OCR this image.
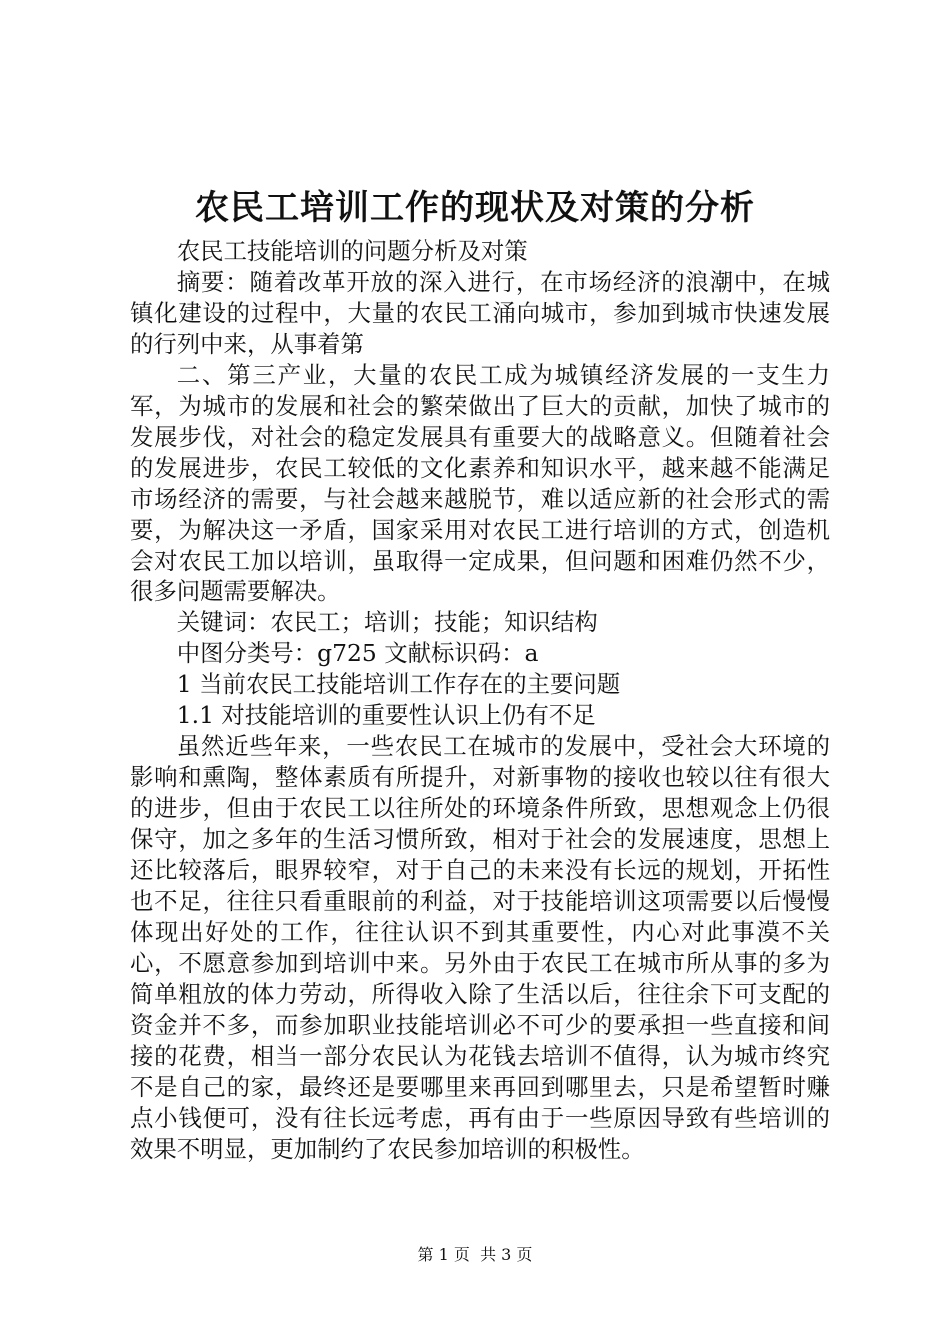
农民工培训工作的现状及对策的分析

农民工技能培训的问题分析及对策

摘要：随着改革开放的深入进行，在市场经济的浪潮中，在城镇化建设的过程中，大量的农民工涌向城市，参加到城市快速发展的行列中来，从事着第

二、第三产业，大量的农民工成为城镇经济发展的一支生力军，为城市的发展和社会的繁荣做出了巨大的贡献，加快了城市的发展步伐，对社会的稳定发展具有重要大的战略意义。但随着社会的发展进步，农民工较低的文化素养和知识水平，越来越不能满足市场经济的需要，与社会越来越脱节，难以适应新的社会形式的需要，为解决这一矛盾，国家采用对农民工进行培训的方式，创造机会对农民工加以培训，虽取得一定成果，但问题和困难仍然不少，很多问题需要解决。

关键词：农民工；培训；技能；知识结构

中图分类号：g725 文献标识码：a

1 当前农民工技能培训工作存在的主要问题

1.1 对技能培训的重要性认识上仍有不足

虽然近些年来，一些农民工在城市的发展中，受社会大环境的影响和熏陶，整体素质有所提升，对新事物的接收也较以往有很大的进步，但由于农民工以往所处的环境条件所致，思想观念上仍很保守，加之多年的生活习惯所致，相对于社会的发展速度，思想上还比较落后，眼界较窄，对于自己的未来没有长远的规划，开拓性也不足，往往只看重眼前的利益，对于技能培训这项需要以后慢慢体现出好处的工作，往往认识不到其重要性，内心对此事漠不关心，不愿意参加到培训中来。另外由于农民工在城市所从事的多为简单粗放的体力劳动，所得收入除了生活以后，往往余下可支配的资金并不多，而参加职业技能培训必不可少的要承担一些直接和间接的花费，相当一部分农民认为花钱去培训不值得，认为城市终究不是自己的家，最终还是要哪里来再回到哪里去，只是希望暂时赚点小钱便可，没有往长远考虑，再有由于一些原因导致有些培训的效果不明显，更加制约了农民参加培训的积极性。

第 1 页 共 3 页
